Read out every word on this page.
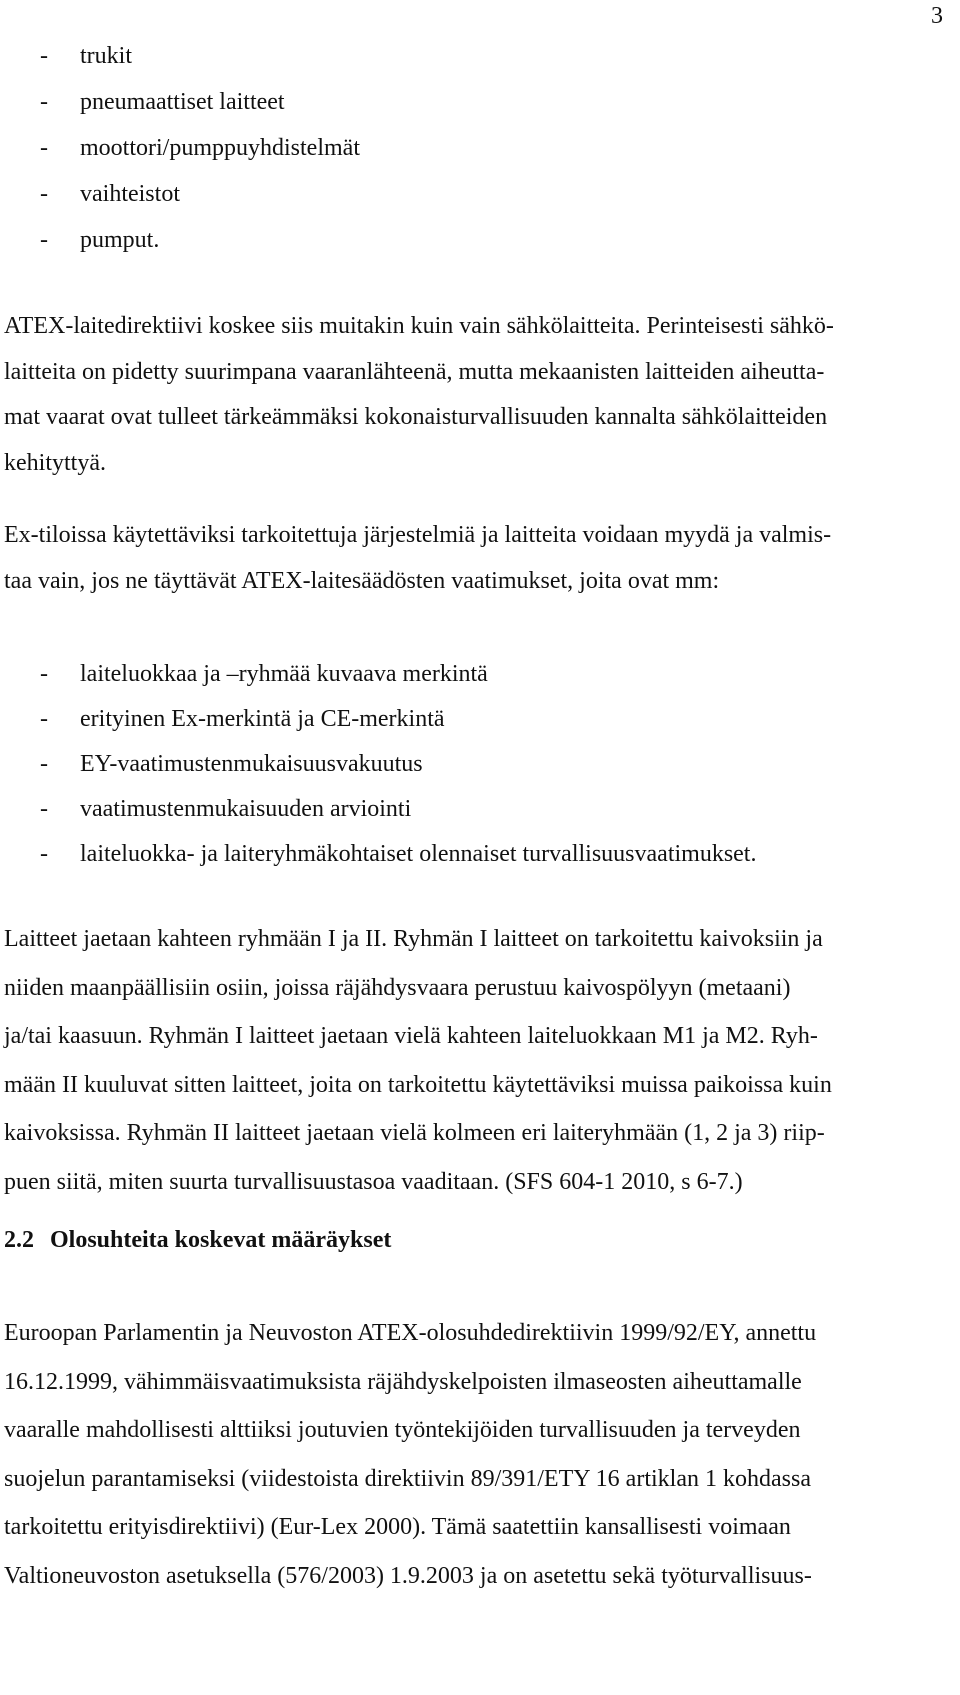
3
- trukit
- pneumaattiset laitteet
- moottori/pumppuyhdistelmät
- vaihteistot
- pumput.

ATEX-laitedirektiivi koskee siis muitakin kuin vain sähkölaitteita. Perinteisesti sähkö-
laitteita on pidetty suurimpana vaaranlähteenä, mutta mekaanisten laitteiden aiheutta-
mat vaarat ovat tulleet tärkeämmäksi kokonaisturvallisuuden kannalta sähkölaitteiden
kehityttyä.

Ex-tiloissa käytettäviksi tarkoitettuja järjestelmiä ja laitteita voidaan myydä ja valmis-
taa vain, jos ne täyttävät ATEX-laitesäädösten vaatimukset, joita ovat mm:

- laiteluokkaa ja –ryhmää kuvaava merkintä
- erityinen Ex-merkintä ja CE-merkintä
- EY-vaatimustenmukaisuusvakuutus
- vaatimustenmukaisuuden arviointi
- laiteluokka- ja laiteryhmäkohtaiset olennaiset turvallisuusvaatimukset.

Laitteet jaetaan kahteen ryhmään I ja II. Ryhmän I laitteet on tarkoitettu kaivoksiin ja
niiden maanpäällisiin osiin, joissa räjähdysvaara perustuu kaivospölyyn (metaani)
ja/tai kaasuun. Ryhmän I laitteet jaetaan vielä kahteen laiteluokkaan M1 ja M2. Ryh-
mään II kuuluvat sitten laitteet, joita on tarkoitettu käytettäviksi muissa paikoissa kuin
kaivoksissa. Ryhmän II laitteet jaetaan vielä kolmeen eri laiteryhmään (1, 2 ja 3) riip-
puen siitä, miten suurta turvallisuustasoa vaaditaan. (SFS 604-1 2010, s 6-7.)

2.2 Olosuhteita koskevat määräykset

Euroopan Parlamentin ja Neuvoston ATEX-olosuhdedirektiivin 1999/92/EY, annettu
16.12.1999, vähimmäisvaatimuksista räjähdyskelpoisten ilmaseosten aiheuttamalle
vaaralle mahdollisesti alttiiksi joutuvien työntekijöiden turvallisuuden ja terveyden
suojelun parantamiseksi (viidestoista direktiivin 89/391/ETY 16 artiklan 1 kohdassa
tarkoitettu erityisdirektiivi) (Eur-Lex 2000). Tämä saatettiin kansallisesti voimaan
Valtioneuvoston asetuksella (576/2003) 1.9.2003 ja on asetettu sekä työturvallisuus-
